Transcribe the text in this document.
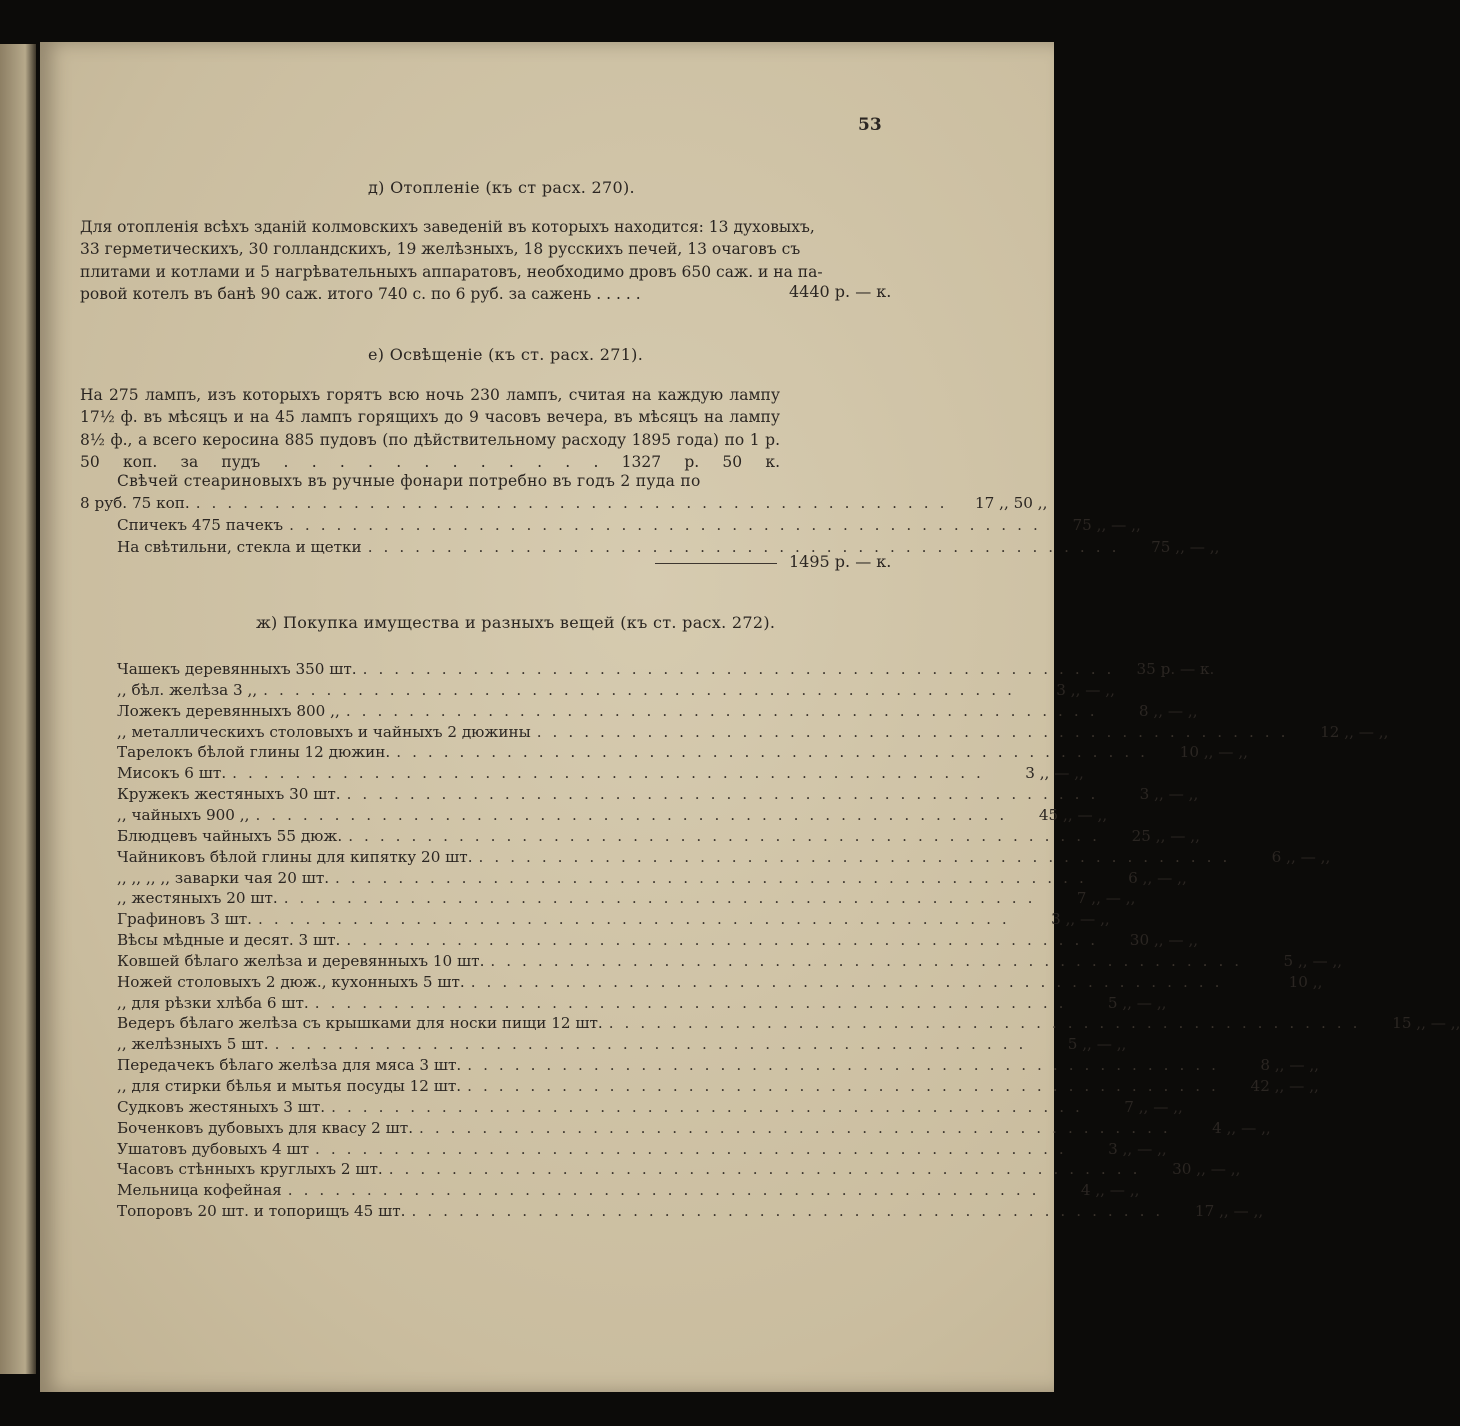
53
д) Отопленіе (къ ст расх. 270).
Для отопленія всѣхъ зданій колмовскихъ заведеній въ которыхъ находится: 13 духовыхъ,
33 герметическихъ, 30 голландскихъ, 19 желѣзныхъ, 18 русскихъ печей, 13 очаговъ съ
плитами и котлами и 5 нагрѣвательныхъ аппаратовъ, необходимо дровъ 650 саж. и на па-
ровой котелъ въ банѣ 90 саж. итого 740 с. по 6 руб. за сажень . . . . .	4440 р. — к.
е) Освѣщеніе (къ ст. расх. 271).
На 275 лампъ, изъ которыхъ горятъ всю ночь 230 лампъ, считая на каждую лампу
17½ ф. въ мѣсяцъ и на 45 лампъ горящихъ до 9 часовъ вечера, въ мѣсяцъ на лампу
8½ ф., а всего керосина 885 пудовъ (по дѣйствительному расходу 1895 года) по 1 р.
50 коп. за пудъ . . . . . . . . . . . . 1327 р. 50 к.
Свѣчей стеариновыхъ въ ручные фонари потребно въ годъ 2 пуда по
8 руб. 75 коп. ................................................	17 ,, 50 ,,
Спичекъ 475 пачекъ ................................................	75 ,, — ,,
На свѣтильни, стекла и щетки ................................................	75 ,, — ,,
1495 р. — к.
ж) Покупка имущества и разныхъ вещей (къ ст. расх. 272).
Чашекъ деревянныхъ 350 шт. ................................................ 35 р. — к.
,, бѣл. желѣза 3 ,, ................................................	3 ,, — ,,
Ложекъ деревянныхъ 800 ,, ................................................	8 ,, — ,,
,, металлическихъ столовыхъ и чайныхъ 2 дюжины ................................................	12 ,, — ,,
Тарелокъ бѣлой глины 12 дюжин. ................................................	10 ,, — ,,
Мисокъ 6 шт. ................................................	3 ,, — ,,
Кружекъ жестяныхъ 30 шт. ................................................	3 ,, — ,,
,, чайныхъ 900 ,, ................................................	45 ,, — ,,
Блюдцевъ чайныхъ 55 дюж. ................................................	25 ,, — ,,
Чайниковъ бѣлой глины для кипятку 20 шт. ................................................	6 ,, — ,,
,, ,, ,, ,, заварки чая 20 шт. ................................................	6 ,, — ,,
,, жестяныхъ 20 шт. ................................................	7 ,, — ,,
Графиновъ 3 шт. ................................................	3 ,, — ,,
Вѣсы мѣдные и десят. 3 шт. ................................................	30 ,, — ,,
Ковшей бѣлаго желѣза и деревянныхъ 10 шт. ................................................	5 ,, — ,,
Ножей столовыхъ 2 дюж., кухонныхъ 5 шт. ................................................	10 ,,
,, для рѣзки хлѣба 6 шт. ................................................	5 ,, — ,,
Ведеръ бѣлаго желѣза съ крышками для носки пищи 12 шт. ................................................	15 ,, — ,,
,, желѣзныхъ 5 шт. ................................................	5 ,, — ,,
Передачекъ бѣлаго желѣза для мяса 3 шт. ................................................	8 ,, — ,,
,, для стирки бѣлья и мытья посуды 12 шт. ................................................	42 ,, — ,,
Судковъ жестяныхъ 3 шт. ................................................	7 ,, — ,,
Боченковъ дубовыхъ для квасу 2 шт. ................................................	4 ,, — ,,
Ушатовъ дубовыхъ 4 шт ................................................	3 ,, — ,,
Часовъ стѣнныхъ круглыхъ 2 шт. ................................................	30 ,, — ,,
Мельница кофейная ................................................	4 ,, — ,,
Топоровъ 20 шт. и топорищъ 45 шт. ................................................	17 ,, — ,,
